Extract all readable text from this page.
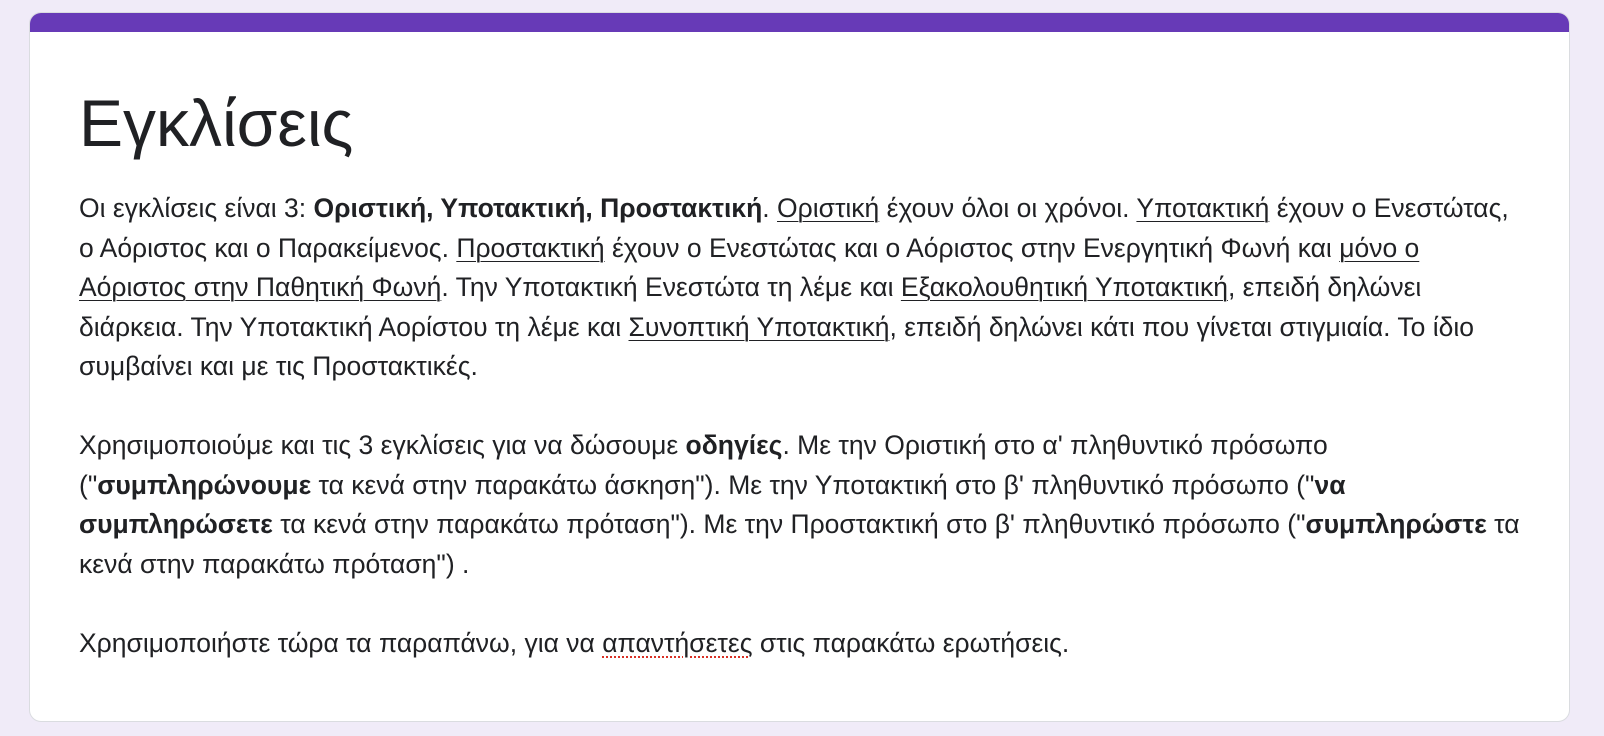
Εγκλίσεις

Οι εγκλίσεις είναι 3: Οριστική, Υποτακτική, Προστακτική. Οριστική έχουν όλοι οι χρόνοι. Υποτακτική έχουν ο Ενεστώτας, ο Αόριστος και ο Παρακείμενος. Προστακτική έχουν ο Ενεστώτας και ο Αόριστος στην Ενεργητική Φωνή και μόνο ο Αόριστος στην Παθητική Φωνή. Την Υποτακτική Ενεστώτα τη λέμε και Εξακολουθητική Υποτακτική, επειδή δηλώνει διάρκεια. Την Υποτακτική Αορίστου τη λέμε και Συνοπτική Υποτακτική, επειδή δηλώνει κάτι που γίνεται στιγμιαία. Το ίδιο συμβαίνει και με τις Προστακτικές.

Χρησιμοποιούμε και τις 3 εγκλίσεις για να δώσουμε οδηγίες. Με την Οριστική στο α' πληθυντικό πρόσωπο ("συμπληρώνουμε τα κενά στην παρακάτω άσκηση"). Με την Υποτακτική στο β' πληθυντικό πρόσωπο ("να συμπληρώσετε τα κενά στην παρακάτω πρόταση"). Με την Προστακτική στο β' πληθυντικό πρόσωπο ("συμπληρώστε τα κενά στην παρακάτω πρόταση") .

Χρησιμοποιήστε τώρα τα παραπάνω, για να απαντήσετες στις παρακάτω ερωτήσεις.
